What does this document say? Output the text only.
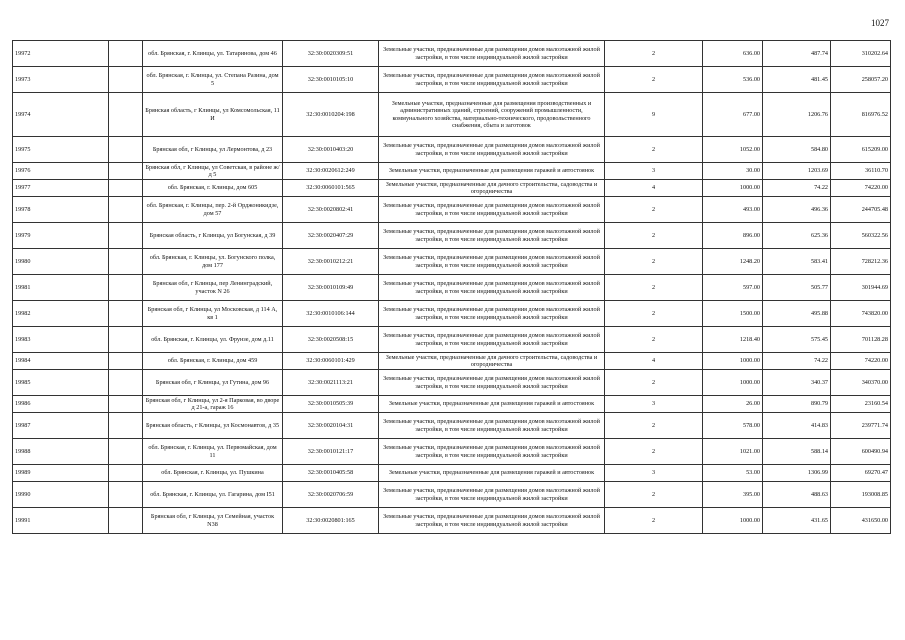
1027
19972		обл. Брянская, г. Клинцы, ул. Татаринова, дом 46	32:30:0020309:51	Земельные участки, предназначенные для размещения домов малоэтажной жилой застройки, в том числе индивидуальной жилой застройки	2	636.00	487.74	310202.64
19973		обл. Брянская, г. Клинцы, ул. Степана Разина, дом 5	32:30:0010105:10	Земельные участки, предназначенные для размещения домов малоэтажной жилой застройки, в том числе индивидуальной жилой застройки	2	536.00	481.45	258057.20
19974		Брянская область, г Клинцы, ул Комсомольская, 11 И	32:30:0010204:198	Земельные участки, предназначенные для размещения производственных и административных зданий, строений, сооружений промышленности, коммунального хозяйства, материально-технического, продовольственного снабжения, сбыта и заготовок	9	677.00	1206.76	816976.52
19975		Брянская обл, г Клинцы, ул Лермонтова, д 23	32:30:0010403:20	Земельные участки, предназначенные для размещения домов малоэтажной жилой застройки, в том числе индивидуальной жилой застройки	2	1052.00	584.80	615209.00
19976		Брянская обл, г Клинцы, ул Советская, в районе ж/д 5	32:30:0020612:249	Земельные участки, предназначенные для размещения гаражей и автостоянок	3	30.00	1203.69	36110.70
19977		обл. Брянская, г. Клинцы, дом 605	32:30:0060101:565	Земельные участки, предназначенные для дачного строительства, садоводства и огородничества	4	1000.00	74.22	74220.00
19978		обл. Брянская, г. Клинцы, пер. 2-й Орджоникидзе, дом 57	32:30:0020802:41	Земельные участки, предназначенные для размещения домов малоэтажной жилой застройки, в том числе индивидуальной жилой застройки	2	493.00	496.36	244705.48
19979		Брянская область, г Клинцы, ул Богунская, д 39	32:30:0020407:29	Земельные участки, предназначенные для размещения домов малоэтажной жилой застройки, в том числе индивидуальной жилой застройки	2	896.00	625.36	560322.56
19980		обл. Брянская, г. Клинцы, ул. Богунского полка, дом 177	32:30:0010212:21	Земельные участки, предназначенные для размещения домов малоэтажной жилой застройки, в том числе индивидуальной жилой застройки	2	1248.20	583.41	728212.36
19981		Брянская обл, г Клинцы, пер Ленинградский, участок N 26	32:30:0010109:49	Земельные участки, предназначенные для размещения домов малоэтажной жилой застройки, в том числе индивидуальной жилой застройки	2	597.00	505.77	301944.69
19982		Брянская обл, г Клинцы, ул Московская, д 114 А, кв 1	32:30:0010106:144	Земельные участки, предназначенные для размещения домов малоэтажной жилой застройки, в том числе индивидуальной жилой застройки	2	1500.00	495.88	743820.00
19983		обл. Брянская, г. Клинцы, ул. Фрунзе, дом д.11	32:30:0020508:15	Земельные участки, предназначенные для размещения домов малоэтажной жилой застройки, в том числе индивидуальной жилой застройки	2	1218.40	575.45	701128.28
19984		обл. Брянская, г. Клинцы, дом 459	32:30:0060101:429	Земельные участки, предназначенные для дачного строительства, садоводства и огородничества	4	1000.00	74.22	74220.00
19985		Брянская обл, г Клинцы, ул Гутина, дом 96	32:30:0021113:21	Земельные участки, предназначенные для размещения домов малоэтажной жилой застройки, в том числе индивидуальной жилой застройки	2	1000.00	340.37	340370.00
19986		Брянская обл, г Клинцы, ул 2-я Парковая, во дворе д 21-а, гараж 16	32:30:0010505:39	Земельные участки, предназначенные для размещения гаражей и автостоянок	3	26.00	890.79	23160.54
19987		Брянская область, г Клинцы, ул Космонавтов, д 35	32:30:0020104:31	Земельные участки, предназначенные для размещения домов малоэтажной жилой застройки, в том числе индивидуальной жилой застройки	2	578.00	414.83	239771.74
19988		обл. Брянская, г. Клинцы, ул. Первомайская, дом 11	32:30:0010121:17	Земельные участки, предназначенные для размещения домов малоэтажной жилой застройки, в том числе индивидуальной жилой застройки	2	1021.00	588.14	600490.94
19989		обл. Брянская, г. Клинцы, ул. Пушкина	32:30:0010405:58	Земельные участки, предназначенные для размещения гаражей и автостоянок	3	53.00	1306.99	69270.47
19990		обл. Брянская, г. Клинцы, ул. Гагарина, дом I51	32:30:0020706:59	Земельные участки, предназначенные для размещения домов малоэтажной жилой застройки, в том числе индивидуальной жилой застройки	2	395.00	488.63	193008.85
19991		Брянская обл, г Клинцы, ул Семейная, участок N38	32:30:0020801:165	Земельные участки, предназначенные для размещения домов малоэтажной жилой застройки, в том числе индивидуальной жилой застройки	2	1000.00	431.65	431650.00
